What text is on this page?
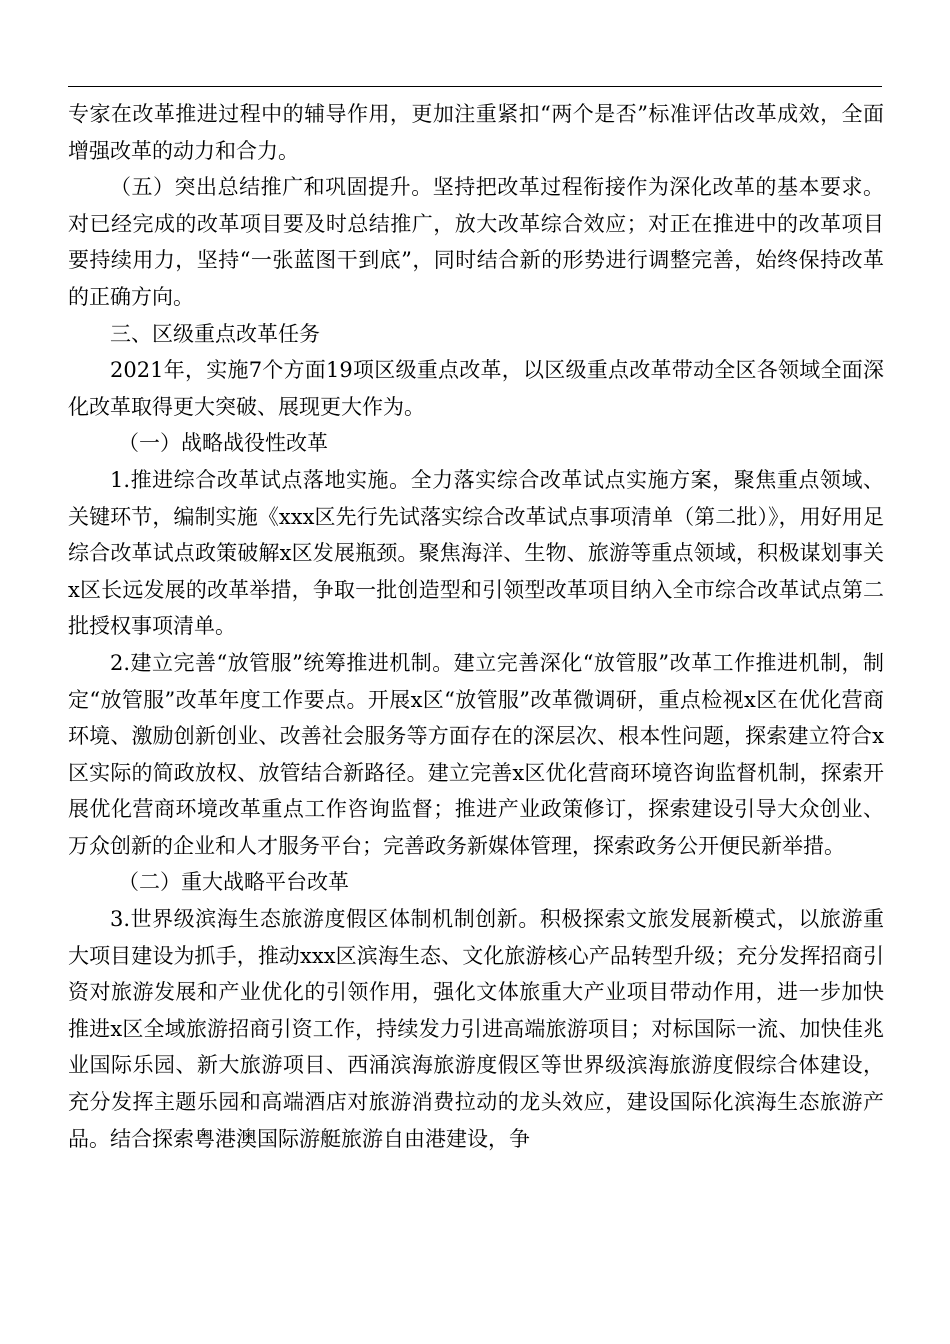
专家在改革推进过程中的辅导作用，更加注重紧扣“两个是否”标准评估改革成效，全面增强改革的动力和合力。

（五）突出总结推广和巩固提升。坚持把改革过程衔接作为深化改革的基本要求。对已经完成的改革项目要及时总结推广，放大改革综合效应；对正在推进中的改革项目要持续用力，坚持“一张蓝图干到底”，同时结合新的形势进行调整完善，始终保持改革的正确方向。

三、区级重点改革任务

2021年，实施7个方面19项区级重点改革，以区级重点改革带动全区各领域全面深化改革取得更大突破、展现更大作为。

（一）战略战役性改革

1.推进综合改革试点落地实施。全力落实综合改革试点实施方案，聚焦重点领域、关键环节，编制实施《xxx区先行先试落实综合改革试点事项清单（第二批）》，用好用足综合改革试点政策破解x区发展瓶颈。聚焦海洋、生物、旅游等重点领域，积极谋划事关x区长远发展的改革举措，争取一批创造型和引领型改革项目纳入全市综合改革试点第二批授权事项清单。

2.建立完善“放管服”统筹推进机制。建立完善深化“放管服”改革工作推进机制，制定“放管服”改革年度工作要点。开展x区“放管服”改革微调研，重点检视x区在优化营商环境、激励创新创业、改善社会服务等方面存在的深层次、根本性问题，探索建立符合x区实际的简政放权、放管结合新路径。建立完善x区优化营商环境咨询监督机制，探索开展优化营商环境改革重点工作咨询监督；推进产业政策修订，探索建设引导大众创业、万众创新的企业和人才服务平台；完善政务新媒体管理，探索政务公开便民新举措。

（二）重大战略平台改革

3.世界级滨海生态旅游度假区体制机制创新。积极探索文旅发展新模式，以旅游重大项目建设为抓手，推动xxx区滨海生态、文化旅游核心产品转型升级；充分发挥招商引资对旅游发展和产业优化的引领作用，强化文体旅重大产业项目带动作用，进一步加快推进x区全域旅游招商引资工作，持续发力引进高端旅游项目；对标国际一流、加快佳兆业国际乐园、新大旅游项目、西涌滨海旅游度假区等世界级滨海旅游度假综合体建设，充分发挥主题乐园和高端酒店对旅游消费拉动的龙头效应，建设国际化滨海生态旅游产品。结合探索粤港澳国际游艇旅游自由港建设，争
